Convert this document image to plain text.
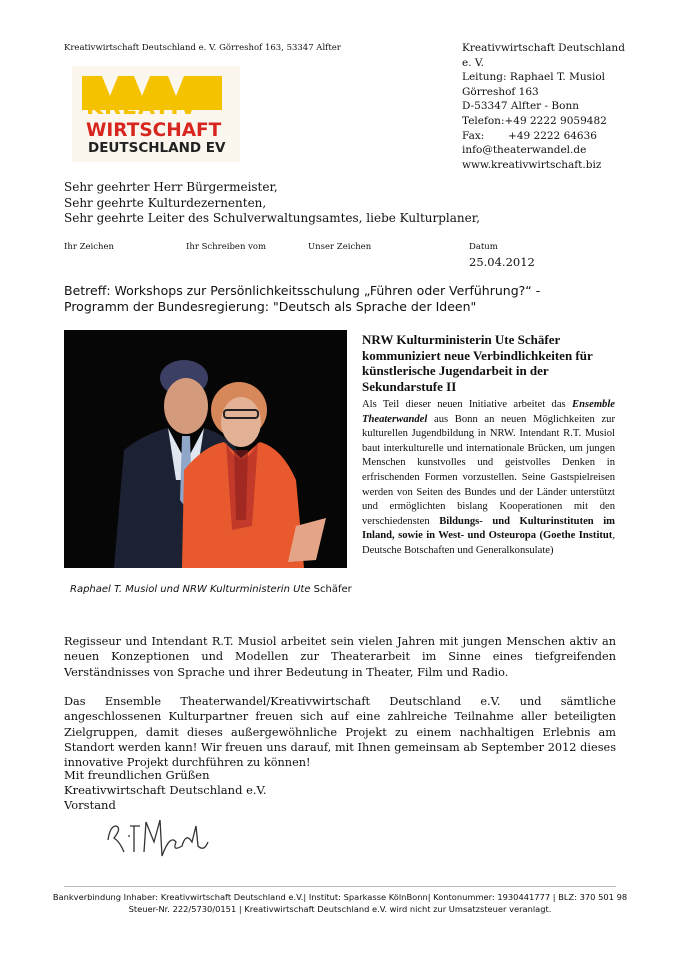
Kreativwirtschaft Deutschland e. V. Görreshof 163, 53347 Alfter
KREATIV
WIRTSCHAFT
DEUTSCHLAND EV
Kreativwirtschaft Deutschland
e. V.
Leitung: Raphael T. Musiol
Görreshof 163
D-53347 Alfter - Bonn
Telefon:+49 2222 9059482
Fax: +49 2222 64636
info@theaterwandel.de
www.kreativwirtschaft.biz
Sehr geehrter Herr Bürgermeister,
Sehr geehrte Kulturdezernenten,
Sehr geehrte Leiter des Schulverwaltungsamtes, liebe Kulturplaner,
Ihr Zeichen	Ihr Schreiben vom	Unser Zeichen	Datum
25.04.2012
Betreff: Workshops zur Persönlichkeitsschulung „Führen oder Verführung?“ -
Programm der Bundesregierung: "Deutsch als Sprache der Ideen"
Raphael T. Musiol und NRW Kulturministerin Ute Schäfer
NRW Kulturministerin Ute Schäfer kommuniziert neue Verbindlichkeiten für künstlerische Jugendarbeit in der Sekundarstufe II
Als Teil dieser neuen Initiative arbeitet das Ensemble Theaterwandel aus Bonn an neuen Möglichkeiten zur kulturellen Jugendbildung in NRW. Intendant R.T. Musiol baut interkulturelle und internationale Brücken, um jungen Menschen kunstvolles und geistvolles Denken in erfrischenden Formen vorzustellen. Seine Gastspielreisen werden von Seiten des Bundes und der Länder unterstützt und ermöglichten bislang Kooperationen mit den verschiedensten Bildungs- und Kulturinstituten im Inland, sowie in West- und Osteuropa (Goethe Institut, Deutsche Botschaften und Generalkonsulate)
Regisseur und Intendant R.T. Musiol arbeitet sein vielen Jahren mit jungen Menschen aktiv an neuen Konzeptionen und Modellen zur Theaterarbeit im Sinne eines tiefgreifenden Verständnisses von Sprache und ihrer Bedeutung in Theater, Film und Radio.
Das Ensemble Theaterwandel/Kreativwirtschaft Deutschland e.V. und sämtliche angeschlossenen Kulturpartner freuen sich auf eine zahlreiche Teilnahme aller beteiligten Zielgruppen, damit dieses außergewöhnliche Projekt zu einem nachhaltigen Erlebnis am Standort werden kann! Wir freuen uns darauf, mit Ihnen gemeinsam ab September 2012 dieses innovative Projekt durchführen zu können!
Mit freundlichen Grüßen
Kreativwirtschaft Deutschland e.V.
Vorstand
Bankverbindung Inhaber: Kreativwirtschaft Deutschland e.V.| Institut: Sparkasse KölnBonn| Kontonummer: 1930441777 | BLZ: 370 501 98
Steuer-Nr. 222/5730/0151 | Kreativwirtschaft Deutschland e.V. wird nicht zur Umsatzsteuer veranlagt.
